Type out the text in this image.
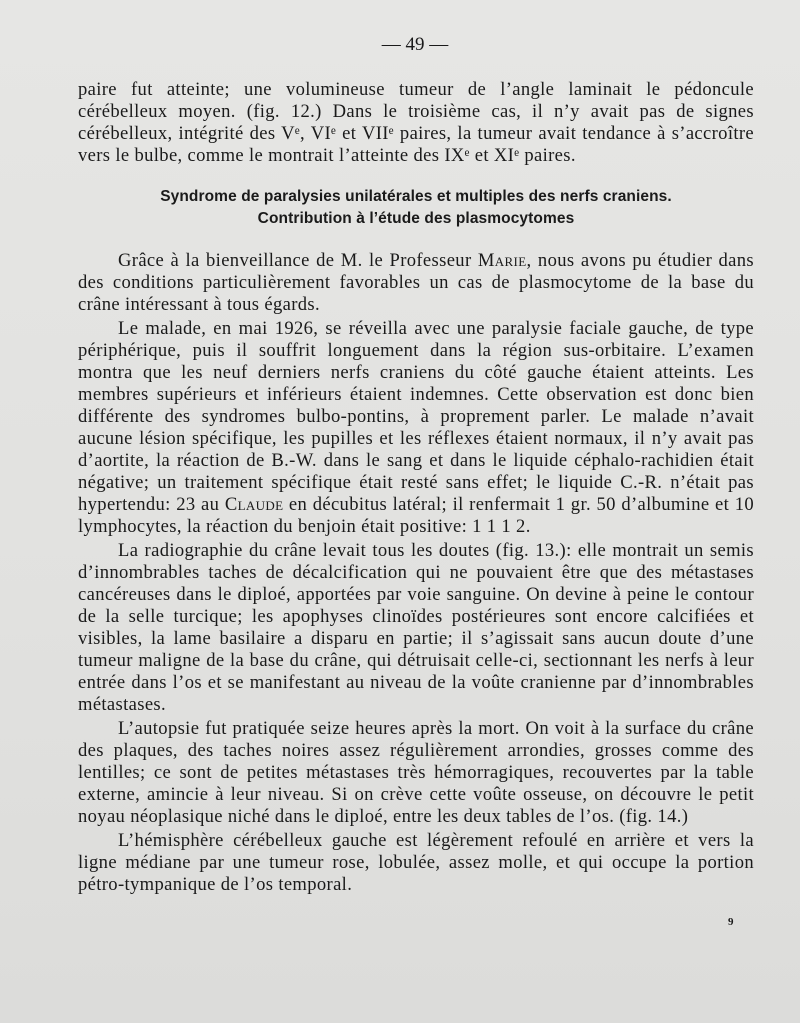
— 49 —
paire fut atteinte; une volumineuse tumeur de l’angle laminait le pédoncule cérébelleux moyen. (fig. 12.) Dans le troisième cas, il n’y avait pas de signes cérébelleux, intégrité des Vᵉ, VIᵉ et VIIᵉ paires, la tumeur avait tendance à s’accroître vers le bulbe, comme le montrait l’atteinte des IXᵉ et XIᵉ paires.
Syndrome de paralysies unilatérales et multiples des nerfs craniens.
Contribution à l’étude des plasmocytomes

Grâce à la bienveillance de M. le Professeur Marie, nous avons pu étudier dans des conditions particulièrement favorables un cas de plasmocytome de la base du crâne intéressant à tous égards.

Le malade, en mai 1926, se réveilla avec une paralysie faciale gauche, de type périphérique, puis il souffrit longuement dans la région sus-orbitaire. L’examen montra que les neuf derniers nerfs craniens du côté gauche étaient atteints. Les membres supérieurs et inférieurs étaient indemnes. Cette observation est donc bien différente des syndromes bulbo-pontins, à proprement parler. Le malade n’avait aucune lésion spécifique, les pupilles et les réflexes étaient normaux, il n’y avait pas d’aortite, la réaction de B.-W. dans le sang et dans le liquide céphalo-rachidien était négative; un traitement spécifique était resté sans effet; le liquide C.-R. n’était pas hypertendu: 23 au Claude en décubitus latéral; il renfermait 1 gr. 50 d’albumine et 10 lymphocytes, la réaction du benjoin était positive: 1 1 1 2.

La radiographie du crâne levait tous les doutes (fig. 13.): elle montrait un semis d’innombrables taches de décalcification qui ne pouvaient être que des métastases cancéreuses dans le diploé, apportées par voie sanguine. On devine à peine le contour de la selle turcique; les apophyses clinoïdes postérieures sont encore calcifiées et visibles, la lame basilaire a disparu en partie; il s’agissait sans aucun doute d’une tumeur maligne de la base du crâne, qui détruisait celle-ci, sectionnant les nerfs à leur entrée dans l’os et se manifestant au niveau de la voûte cranienne par d’innombrables métastases.

L’autopsie fut pratiquée seize heures après la mort. On voit à la surface du crâne des plaques, des taches noires assez régulièrement arrondies, grosses comme des lentilles; ce sont de petites métastases très hémorragiques, recouvertes par la table externe, amincie à leur niveau. Si on crève cette voûte osseuse, on découvre le petit noyau néoplasique niché dans le diploé, entre les deux tables de l’os. (fig. 14.)

L’hémisphère cérébelleux gauche est légèrement refoulé en arrière et vers la ligne médiane par une tumeur rose, lobulée, assez molle, et qui occupe la portion pétro-tympanique de l’os temporal.

9
